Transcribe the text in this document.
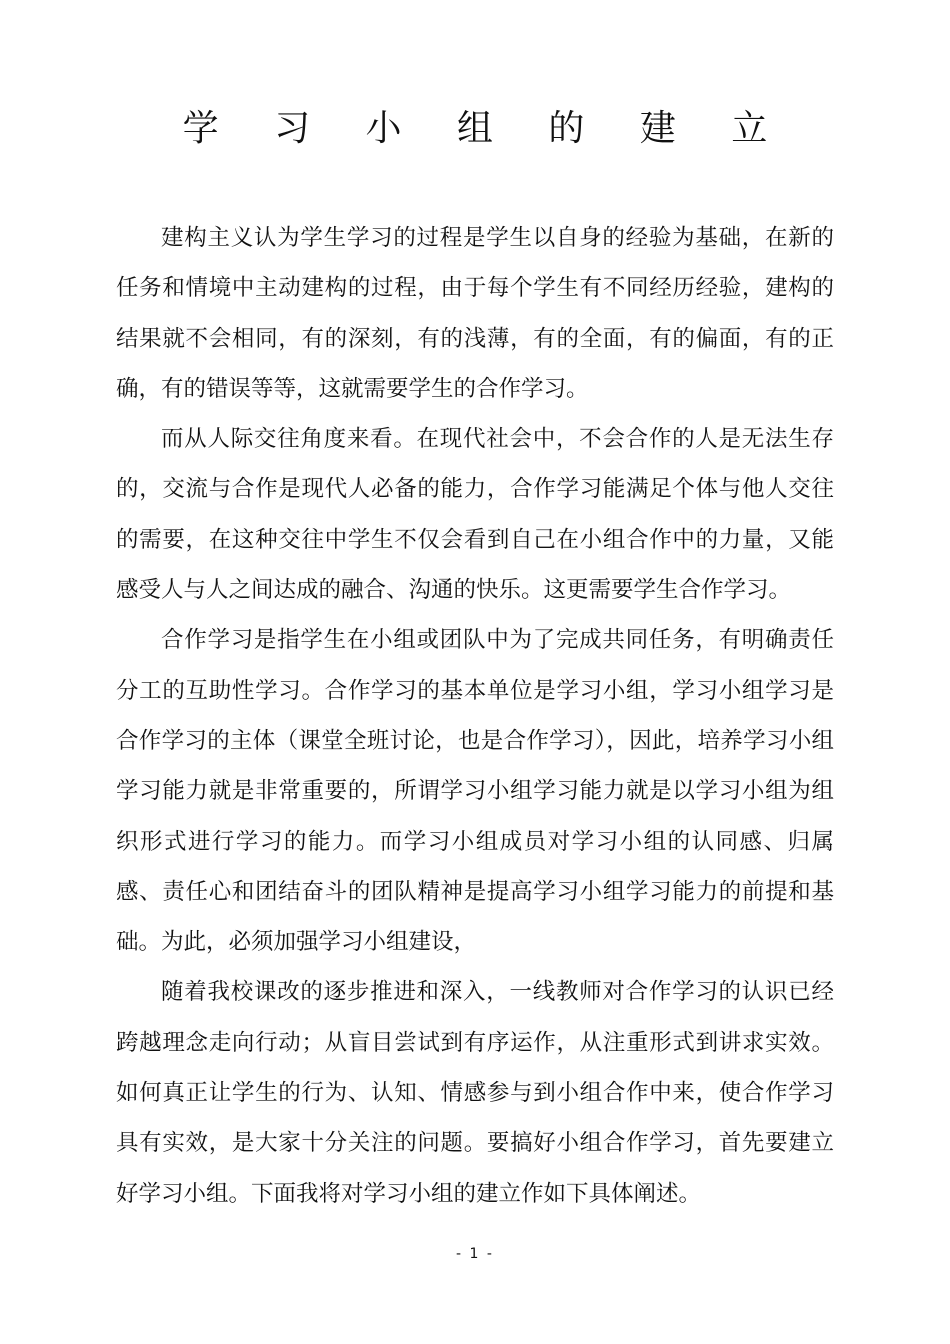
学 习 小 组 的 建 立

建构主义认为学生学习的过程是学生以自身的经验为基础，在新的任务和情境中主动建构的过程，由于每个学生有不同经历经验，建构的结果就不会相同，有的深刻，有的浅薄，有的全面，有的偏面，有的正确，有的错误等等，这就需要学生的合作学习。

而从人际交往角度来看。在现代社会中，不会合作的人是无法生存的，交流与合作是现代人必备的能力，合作学习能满足个体与他人交往的需要，在这种交往中学生不仅会看到自己在小组合作中的力量，又能感受人与人之间达成的融合、沟通的快乐。这更需要学生合作学习。

合作学习是指学生在小组或团队中为了完成共同任务，有明确责任分工的互助性学习。合作学习的基本单位是学习小组，学习小组学习是合作学习的主体（课堂全班讨论，也是合作学习），因此，培养学习小组学习能力就是非常重要的，所谓学习小组学习能力就是以学习小组为组织形式进行学习的能力。而学习小组成员对学习小组的认同感、归属感、责任心和团结奋斗的团队精神是提高学习小组学习能力的前提和基础。为此，必须加强学习小组建设，

随着我校课改的逐步推进和深入，一线教师对合作学习的认识已经跨越理念走向行动；从盲目尝试到有序运作，从注重形式到讲求实效。如何真正让学生的行为、认知、情感参与到小组合作中来，使合作学习具有实效，是大家十分关注的问题。要搞好小组合作学习，首先要建立好学习小组。下面我将对学习小组的建立作如下具体阐述。

- 1 -
